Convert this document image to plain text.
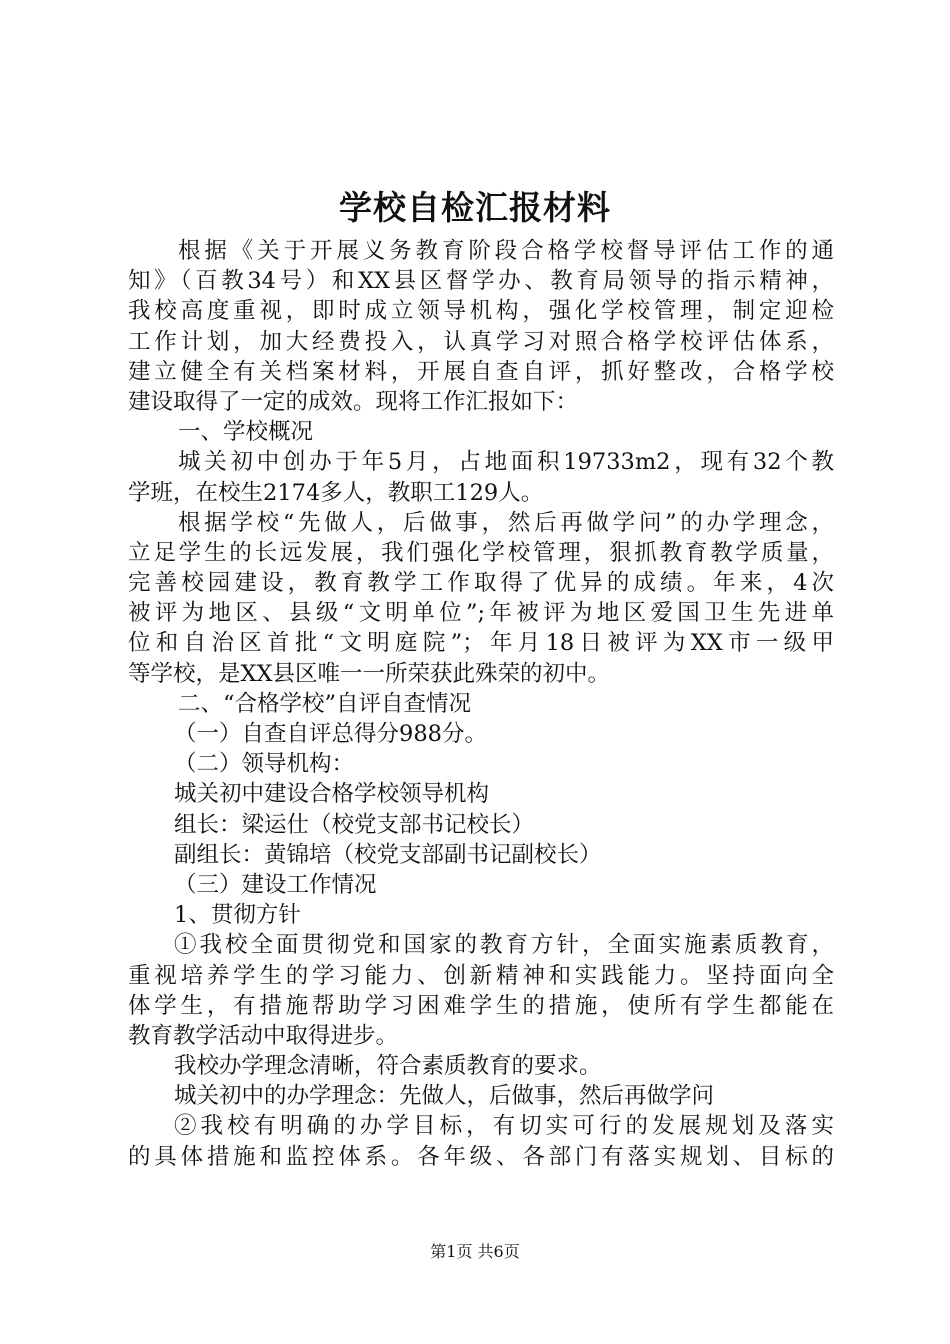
学校自检汇报材料
根据《关于开展义务教育阶段合格学校督导评估工作的通
知》（百教34号）和XX县区督学办、教育局领导的指示精神，
我校高度重视，即时成立领导机构，强化学校管理，制定迎检
工作计划，加大经费投入，认真学习对照合格学校评估体系，
建立健全有关档案材料，开展自查自评，抓好整改，合格学校
建设取得了一定的成效。现将工作汇报如下：
一、学校概况
城关初中创办于年5月，占地面积19733m2，现有32个教
学班，在校生2174多人，教职工129人。
根据学校“先做人，后做事，然后再做学问”的办学理念，
立足学生的长远发展，我们强化学校管理，狠抓教育教学质量，
完善校园建设，教育教学工作取得了优异的成绩。年来，4次
被评为地区、县级“文明单位”;年被评为地区爱国卫生先进单
位和自治区首批“文明庭院”；年月18日被评为XX市一级甲
等学校，是XX县区唯一一所荣获此殊荣的初中。
二、“合格学校”自评自查情况
（一）自查自评总得分988分。
（二）领导机构：
城关初中建设合格学校领导机构
组长：梁运仕（校党支部书记校长）
副组长：黄锦培（校党支部副书记副校长）
（三）建设工作情况
1、贯彻方针
①我校全面贯彻党和国家的教育方针，全面实施素质教育，
重视培养学生的学习能力、创新精神和实践能力。坚持面向全
体学生，有措施帮助学习困难学生的措施，使所有学生都能在
教育教学活动中取得进步。
我校办学理念清晰，符合素质教育的要求。
城关初中的办学理念：先做人，后做事，然后再做学问
②我校有明确的办学目标，有切实可行的发展规划及落实
的具体措施和监控体系。各年级、各部门有落实规划、目标的
第1页 共6页
